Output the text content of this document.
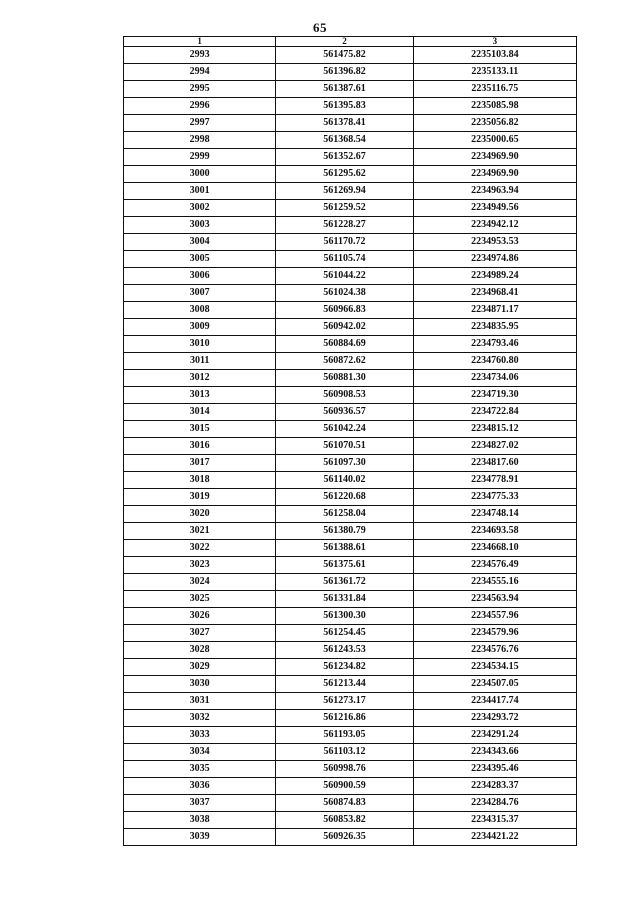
65
1	2	3
2993	561475.82	2235103.84
2994	561396.82	2235133.11
2995	561387.61	2235116.75
2996	561395.83	2235085.98
2997	561378.41	2235056.82
2998	561368.54	2235000.65
2999	561352.67	2234969.90
3000	561295.62	2234969.90
3001	561269.94	2234963.94
3002	561259.52	2234949.56
3003	561228.27	2234942.12
3004	561170.72	2234953.53
3005	561105.74	2234974.86
3006	561044.22	2234989.24
3007	561024.38	2234968.41
3008	560966.83	2234871.17
3009	560942.02	2234835.95
3010	560884.69	2234793.46
3011	560872.62	2234760.80
3012	560881.30	2234734.06
3013	560908.53	2234719.30
3014	560936.57	2234722.84
3015	561042.24	2234815.12
3016	561070.51	2234827.02
3017	561097.30	2234817.60
3018	561140.02	2234778.91
3019	561220.68	2234775.33
3020	561258.04	2234748.14
3021	561380.79	2234693.58
3022	561388.61	2234668.10
3023	561375.61	2234576.49
3024	561361.72	2234555.16
3025	561331.84	2234563.94
3026	561300.30	2234557.96
3027	561254.45	2234579.96
3028	561243.53	2234576.76
3029	561234.82	2234534.15
3030	561213.44	2234507.05
3031	561273.17	2234417.74
3032	561216.86	2234293.72
3033	561193.05	2234291.24
3034	561103.12	2234343.66
3035	560998.76	2234395.46
3036	560900.59	2234283.37
3037	560874.83	2234284.76
3038	560853.82	2234315.37
3039	560926.35	2234421.22
